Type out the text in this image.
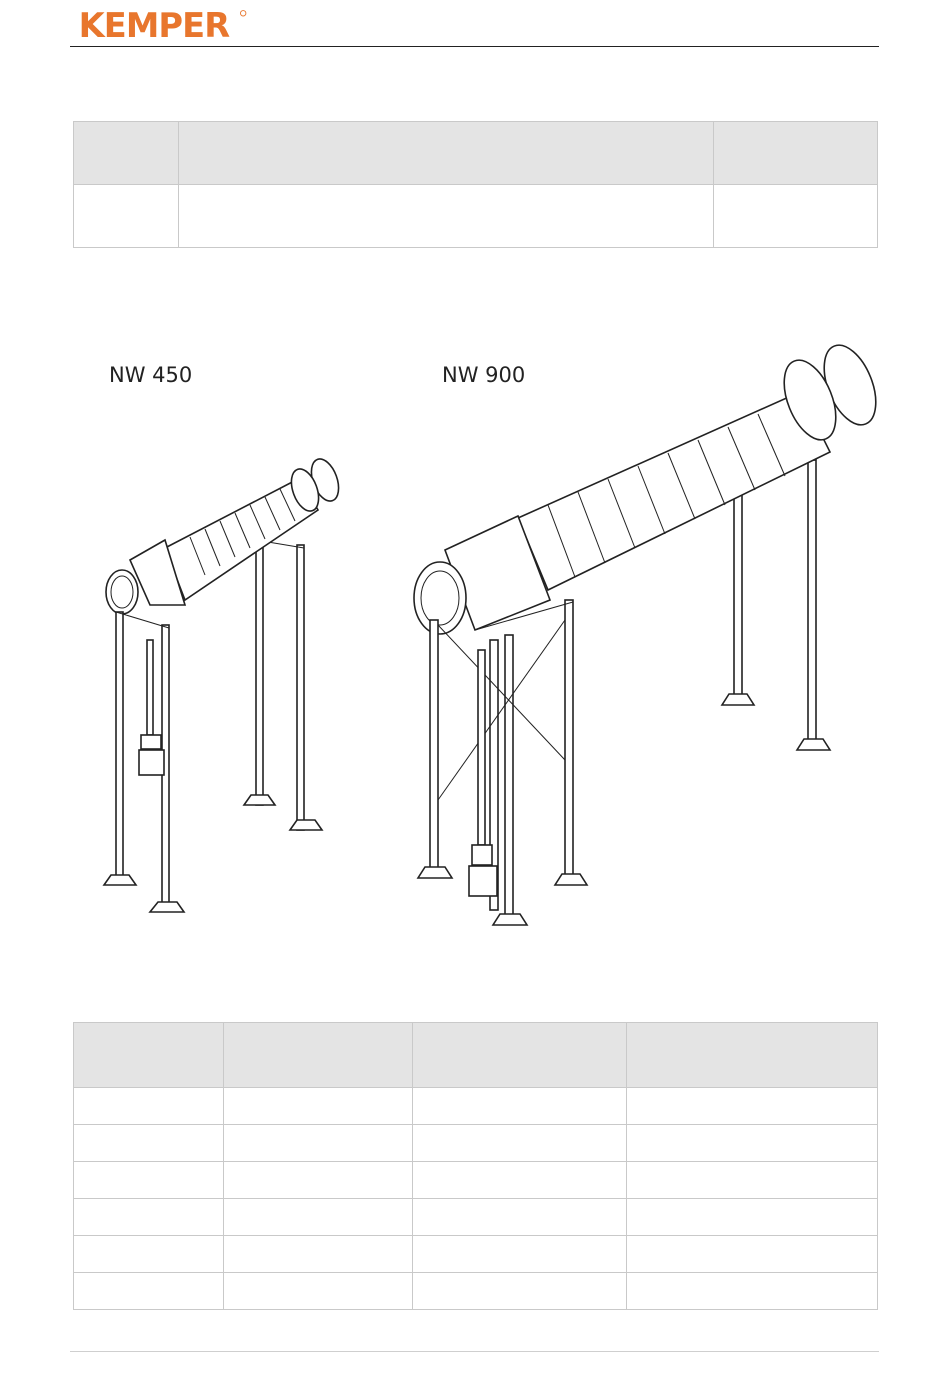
KEMPER

NW 450	NW 900
